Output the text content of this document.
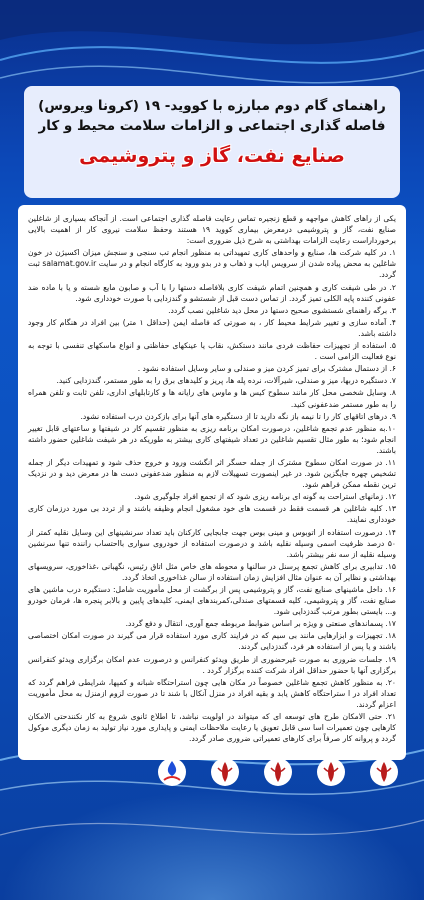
راهنمای گام دوم مبارزه با کووید- ۱۹ (کرونا ویروس)
فاصله گذاری اجتماعی و الزامات سلامت محیط و کار
صنایع نفت، گاز و پتروشیمی

یکی از راهای کاهش مواجهه و قطع زنجیره تماس رعایت فاصله گذاری اجتماعی است. از آنجاکه بسیاری از شاغلین صنایع نفت، گاز و پتروشیمی درمعرض بیماری کووید ۱۹ هستند وحفظ سلامت نیروی کار از اهمیت بالایی برخورداراست رعایت الزامات بهداشتی به شرح ذیل ضروری است:

۱. در کلیه شرکت ها، صنایع و واحدهای کاری تمهیداتی به منظور انجام تب سنجی و سنجش میزان اکسیژن در خون شاغلین به محض پیاده شدن از سرویس ایاب و ذهاب و در بدو ورود به کارگاه انجام و در سایت salamat.gov.ir ثبت گردد.

۲. در طی شیفت کاری و همچنین اتمام شیفت کاری بلافاصله دستها را با آب و صابون مایع شسته و یا با ماده ضد عفونی کننده پایه الکلی تمیز گردد. از تماس دست قبل از شستشو و گندزدایی با صورت خودداری شود.

۳. برگه راهنمای شستشوی صحیح دستها در محل دید شاغلین نصب گردد.

۴. آماده سازی و تغییر شرایط محیط کار ، به صورتی که فاصله ایمن (حداقل ۱ متر) بین افراد در هنگام کار وجود داشته باشد.

۵. استفاده از تجهیزات حفاظت فردی مانند دستکش، نقاب یا عینکهای حفاظتی و انواع ماسکهای تنفسی با توجه به نوع فعالیت الزامی است .

۶. از دستمال مشترک برای تمیز کردن میز و صندلی و سایر وسایل استفاده نشود .

۷. دستگیره دربها، میز و صندلی، شیرآلات، نرده پله ها، پریز و کلیدهای برق را به طور مستمر، گندزدایی کنید.

۸. وسایل شخصی محل کار مانند سطوح کیس ها و ماوس های رایانه ها و کارتابلهای اداری، تلفن ثابت و تلفن همراه را به طور مستمر ضدعفونی کنید.

۹. درهای اتاقهای کار را تا نیمه باز نگه دارید تا از دستگیره های آنها برای بازکردن درب استفاده نشود.

۱۰.به منظور عدم تجمع شاغلین، درصورت امکان برنامه ریزی به منظور تقسیم کار در شیفتها و ساعتهای قابل تغییر انجام شود؛ به طور مثال تقسیم شاغلین در تعداد شیفتهای کاری بیشتر به طوریکه در هر شیفت شاغلین حضور داشته باشند.

۱۱. در صورت امکان سطوح مشترک از جمله حسگر اثر انگشت ورود و خروج حذف شود و تمهیدات دیگر از جمله تشخیص چهره جایگزین شود. در غیر اینصورت تسهیلات لازم به منظور ضدعفونی دست ها در معرض دید و در نزدیک ترین نقطه ممکن فراهم شود.

۱۲. زمانهای استراحت به گونه ای برنامه ریزی شود که از تجمع افراد جلوگیری شود.

۱۳. کلیه شاغلین هر قسمت فقط در قسمت های خود مشغول انجام وظیفه باشند و از تردد بی مورد درزمان کاری خودداری نمایند.

۱۴. درصورت استفاده از اتوبوس و مینی بوس جهت جابجایی کارکنان باید تعداد سرنشینهای این وسایل نقلیه کمتر از ۵۰ درصد ظرفیت اسمی وسیله نقلیه باشد و درصورت استفاده از خودروی سواری بااحتساب راننده تنها سرنشین وسیله نقلیه از سه نفر بیشتر باشد.

۱۵. تدابیری برای کاهش تجمع پرسنل در سالنها و محوطه های خاص مثل اتاق رئیس، نگهبانی ،غذاخوری، سرویسهای بهداشتی و نظایر آن به عنوان مثال افزایش زمان استفاده از سالن غذاخوری اتخاذ گردد.

۱۶. داخل ماشینهای صنایع نفت، گاز و پتروشیمی پس از برگشت از محل مأموریت شامل: دستگیره درب ماشین های صنایع نفت، گاز و پتروشیمی، کلیه قسمتهای صندلی،کمربندهای ایمنی، کلیدهای پایین و بالابر پنجره ها، فرمان خودرو و... بایستی بطور مرتب گندزدایی شود.

۱۷. پسماندهای صنعتی و ویژه بر اساس ضوابط مربوطه جمع آوری، انتقال و دفع گردد.

۱۸. تجهیزات و ابزارهایی مانند بی سیم که در فرایند کاری مورد استفاده قرار می گیرند در صورت امکان اختصاصی باشند و یا پس از استفاده هر فرد، گندزدایی گردند.

۱۹. جلسات ضروری به صورت غیرحضوری از طریق ویدئو کنفرانس و درصورت عدم امکان برگزاری ویدئو کنفرانس برگزاری آنها با حضور حداقل افراد شرکت کننده برگزار گردد .

۲۰. به منظور کاهش تجمع شاغلین خصوصاً در مکان هایی چون استراحتگاه شبانه و کمپها، شرایطی فراهم گردد که تعداد افراد در ا ستراحتگاه کاهش یابد و بقیه افراد در منزل آنکال با شند تا در صورت لزوم ازمنزل به محل مأموریت اعزام گردند.

۲۱. حتی الامکان طرح های توسعه ای که میتواند در اولویت نباشد، تا اطلاع ثانوی شروع به کار نکنندحتی الامکان کارهایی چون تعمیرات اسا سی قابل تعویق یا رعایت ملاحظات ایمنی و پایداری مورد نیاز تولید به زمان دیگری موکول گردد و پروانه کار صرفاً برای کارهای تعمیراتی ضروری صادر گردد.
